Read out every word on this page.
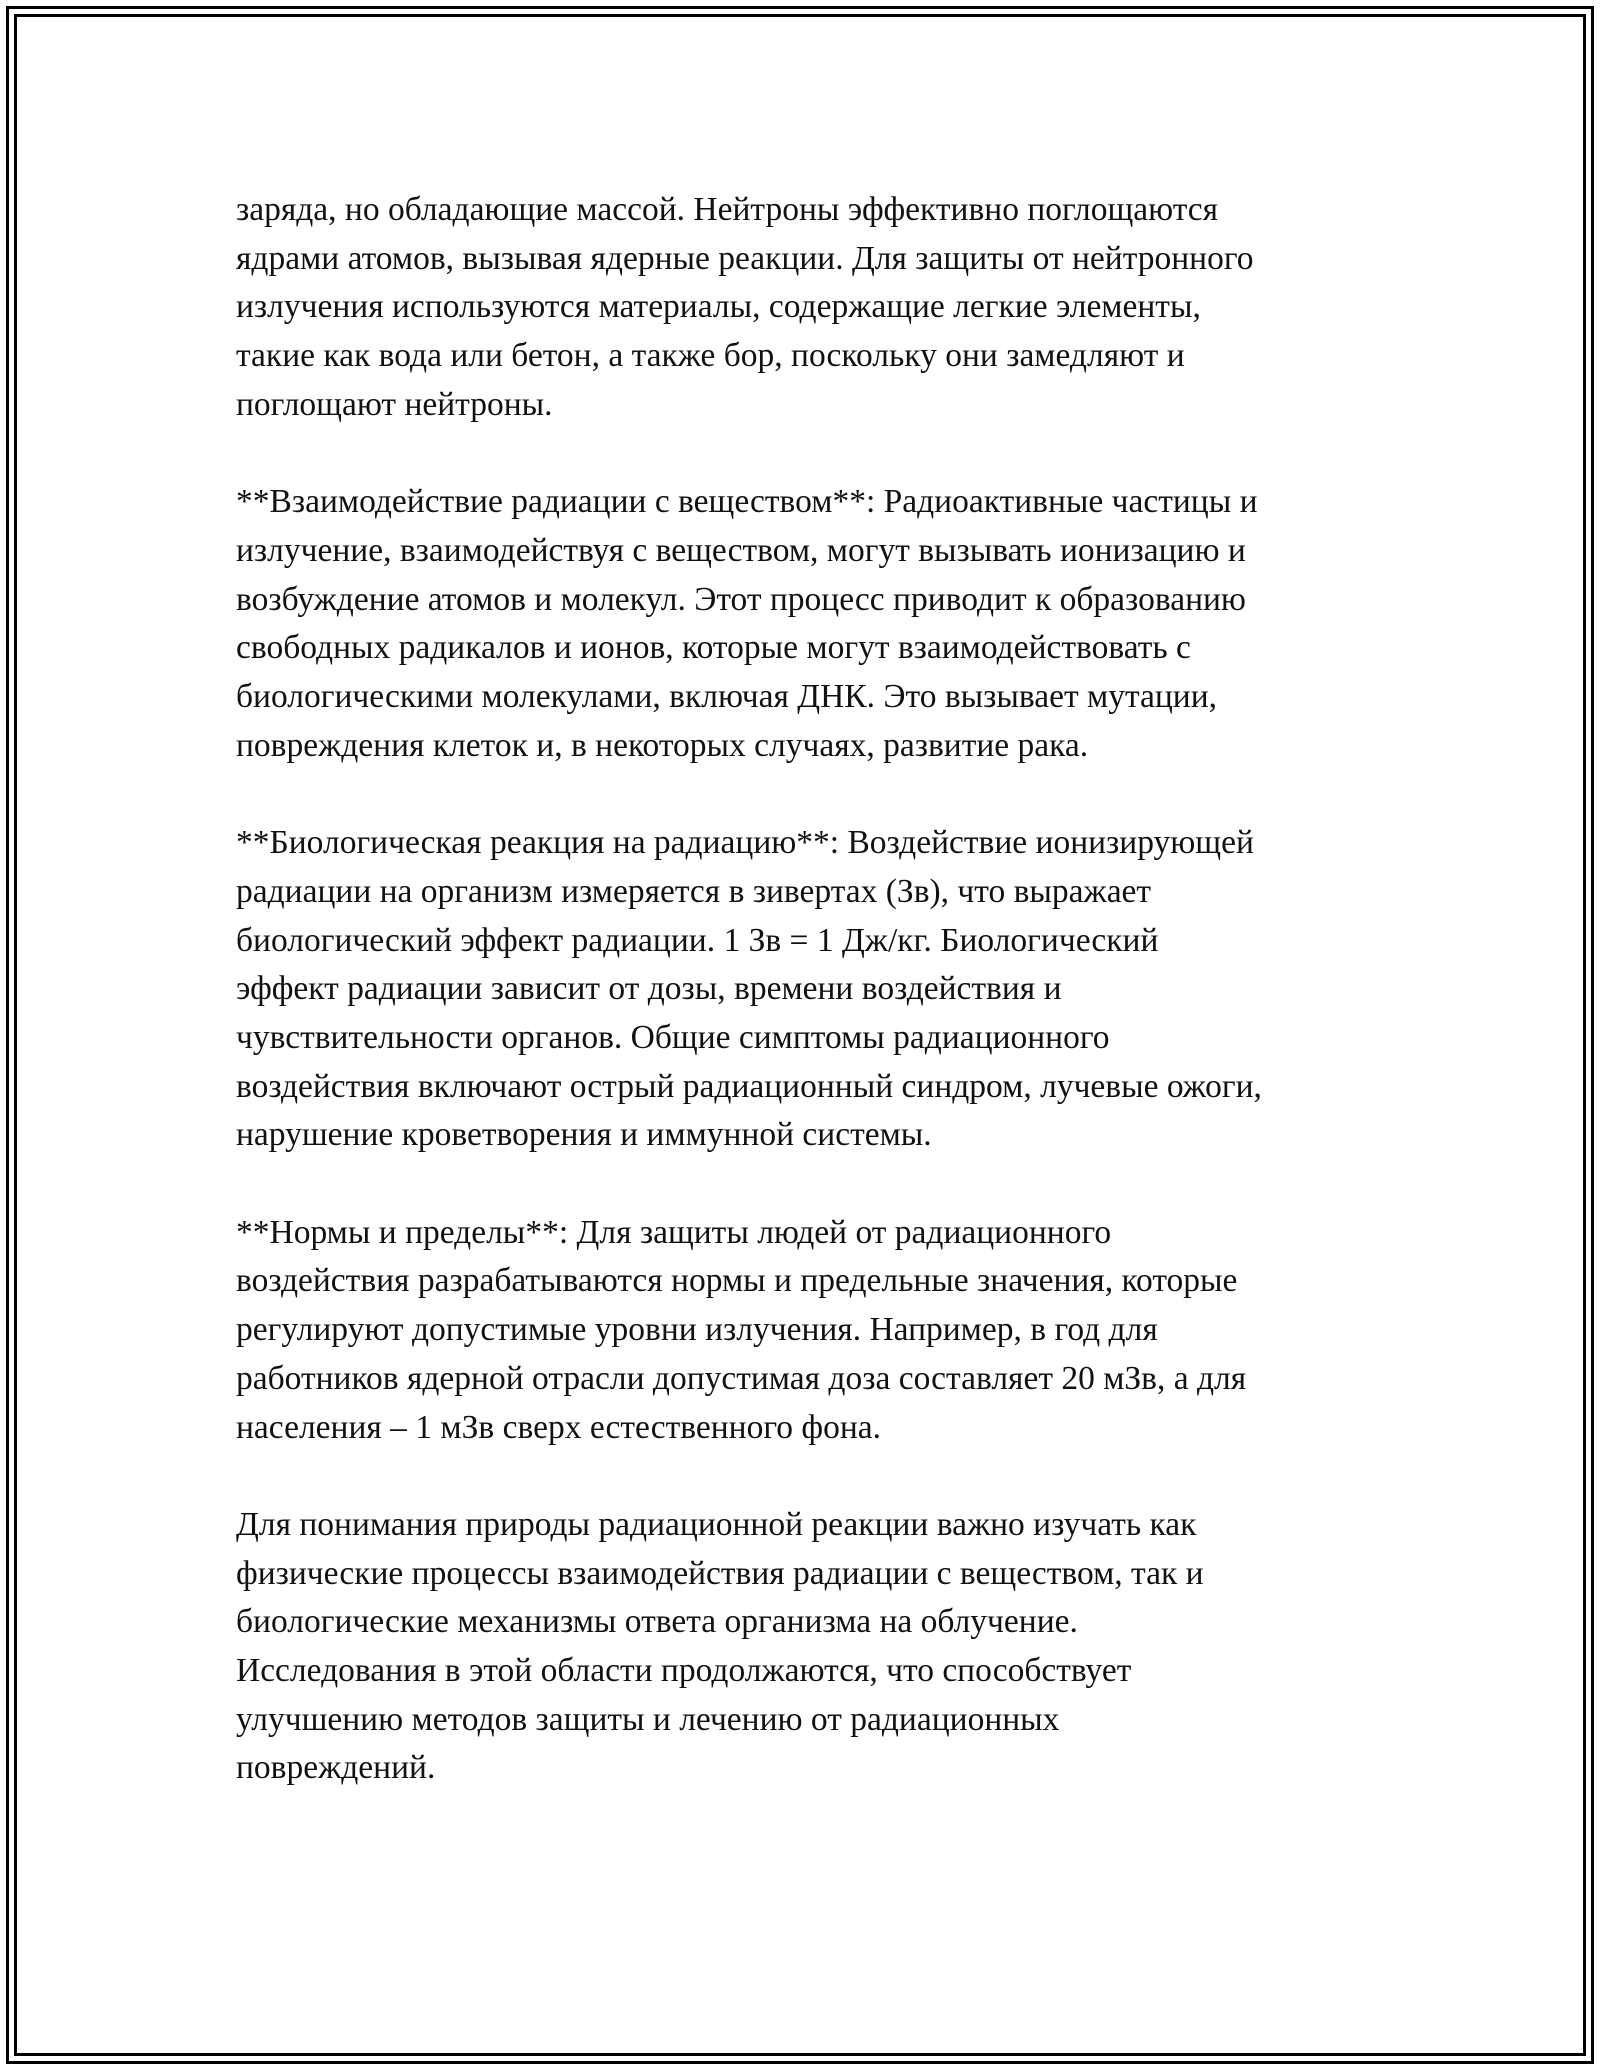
заряда, но обладающие массой. Нейтроны эффективно поглощаются
ядрами атомов, вызывая ядерные реакции. Для защиты от нейтронного
излучения используются материалы, содержащие легкие элементы,
такие как вода или бетон, а также бор, поскольку они замедляют и
поглощают нейтроны.

**Взаимодействие радиации с веществом**: Радиоактивные частицы и
излучение, взаимодействуя с веществом, могут вызывать ионизацию и
возбуждение атомов и молекул. Этот процесс приводит к образованию
свободных радикалов и ионов, которые могут взаимодействовать с
биологическими молекулами, включая ДНК. Это вызывает мутации,
повреждения клеток и, в некоторых случаях, развитие рака.

**Биологическая реакция на радиацию**: Воздействие ионизирующей
радиации на организм измеряется в зивертах (Зв), что выражает
биологический эффект радиации. 1 Зв = 1 Дж/кг. Биологический
эффект радиации зависит от дозы, времени воздействия и
чувствительности органов. Общие симптомы радиационного
воздействия включают острый радиационный синдром, лучевые ожоги,
нарушение кроветворения и иммунной системы.

**Нормы и пределы**: Для защиты людей от радиационного
воздействия разрабатываются нормы и предельные значения, которые
регулируют допустимые уровни излучения. Например, в год для
работников ядерной отрасли допустимая доза составляет 20 мЗв, а для
населения – 1 мЗв сверх естественного фона.

Для понимания природы радиационной реакции важно изучать как
физические процессы взаимодействия радиации с веществом, так и
биологические механизмы ответа организма на облучение.
Исследования в этой области продолжаются, что способствует
улучшению методов защиты и лечению от радиационных
повреждений.
